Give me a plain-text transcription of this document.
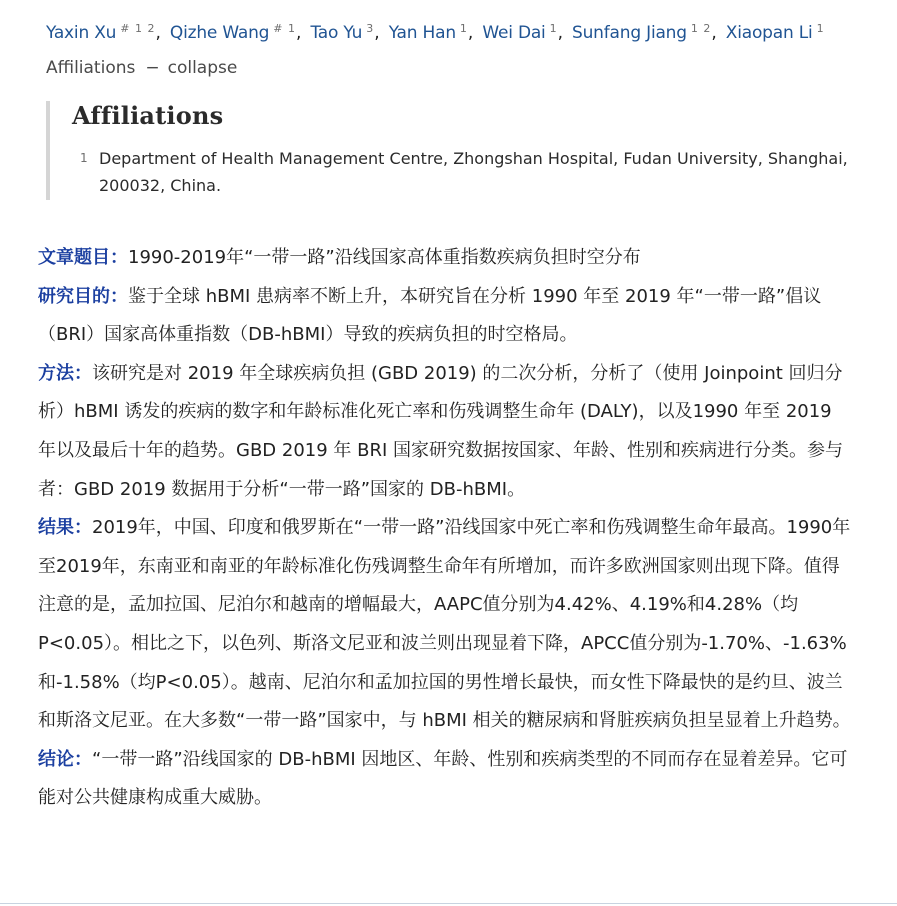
Yaxin Xu $^{\# 1 2}$, Qizhe Wang $^{\# 1}$, Tao Yu $^3$, Yan Han $^1$, Wei Dai $^1$, Sunfang Jiang $^{1 2}$, Xiaopan Li $^1$
Affiliations − collapse
Affiliations
1 Department of Health Management Centre, Zhongshan Hospital, Fudan University, Shanghai, 200032, China.

文章题目：1990-2019年“一带一路”沿线国家高体重指数疾病负担时空分布

研究目的：鉴于全球 hBMI 患病率不断上升，本研究旨在分析 1990 年至 2019 年“一带一路”倡议（BRI）国家高体重指数（DB-hBMI）导致的疾病负担的时空格局。

方法：该研究是对 2019 年全球疾病负担 (GBD 2019) 的二次分析，分析了（使用 Joinpoint 回归分析）hBMI 诱发的疾病的数字和年龄标准化死亡率和伤残调整生命年 (DALY)，以及1990 年至 2019 年以及最后十年的趋势。GBD 2019 年 BRI 国家研究数据按国家、年龄、性别和疾病进行分类。参与者：GBD 2019 数据用于分析“一带一路”国家的 DB-hBMI。

结果：2019年，中国、印度和俄罗斯在“一带一路”沿线国家中死亡率和伤残调整生命年最高。1990年至2019年，东南亚和南亚的年龄标准化伤残调整生命年有所增加，而许多欧洲国家则出现下降。值得注意的是，孟加拉国、尼泊尔和越南的增幅最大，AAPC值分别为4.42%、4.19%和4.28%（均P<0.05）。相比之下，以色列、斯洛文尼亚和波兰则出现显着下降，APCC值分别为-1.70%、-1.63%和-1.58%（均P<0.05）。越南、尼泊尔和孟加拉国的男性增长最快，而女性下降最快的是约旦、波兰和斯洛文尼亚。在大多数“一带一路”国家中，与 hBMI 相关的糖尿病和肾脏疾病负担呈显着上升趋势。

结论：“一带一路”沿线国家的 DB-hBMI 因地区、年龄、性别和疾病类型的不同而存在显着差异。它可能对公共健康构成重大威胁。
